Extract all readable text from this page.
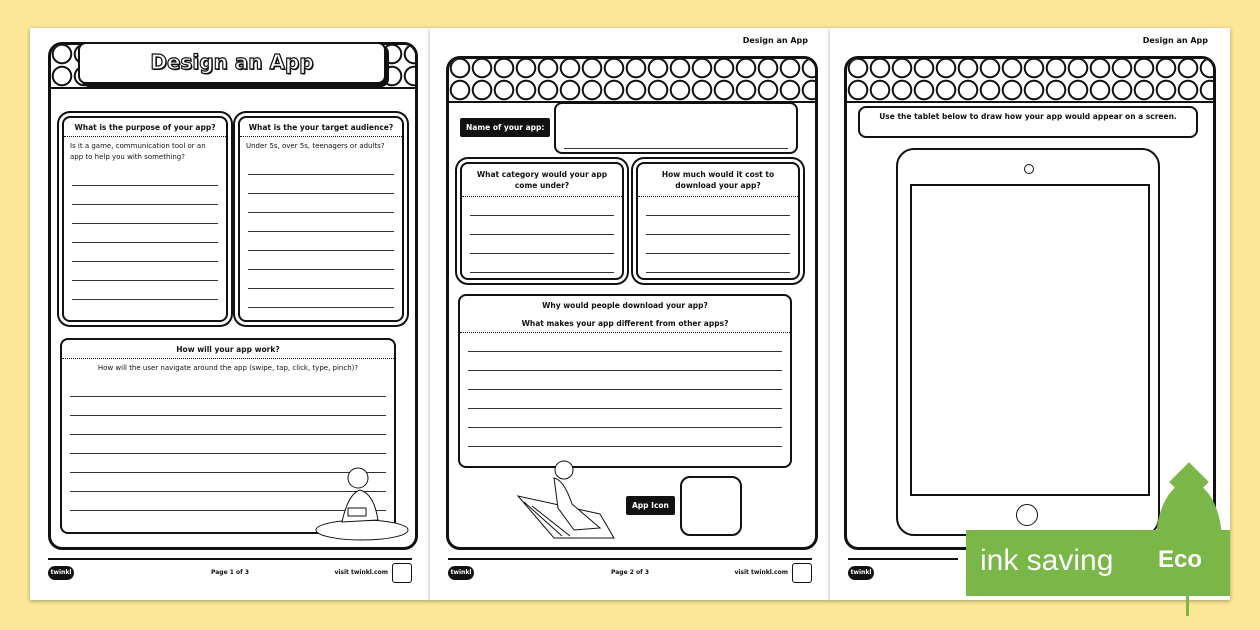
Design an App
What is the purpose of your app?
Is it a game, communication tool or an app to help you with something?
What is the your target audience?
Under 5s, over 5s, teenagers or adults?
How will your app work?
How will the user navigate around the app (swipe, tap, click, type, pinch)?
twinkl	Page 1 of 3	visit twinkl.com
Design an App
Name of your app:
What category would your app come under?
How much would it cost to download your app?
Why would people download your app?
What makes your app different from other apps?
App Icon
twinkl	Page 2 of 3	visit twinkl.com
Design an App
Use the tablet below to draw how your app would appear on a screen.
twinkl	ink saving Eco
